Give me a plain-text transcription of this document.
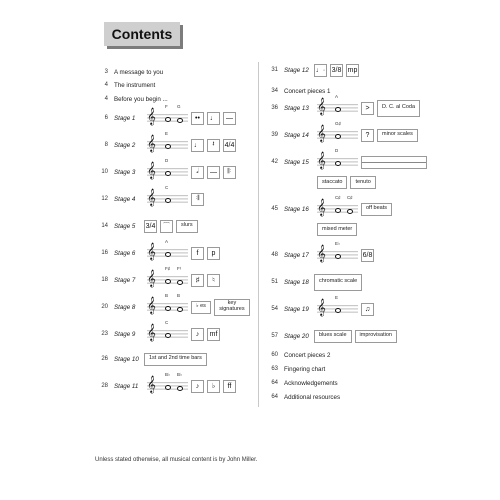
Contents
3 A message to you
4 The instrument
4 Before you begin ...
6 Stage 1 𝄞
F G
••	♩	—
8 Stage 2 𝄞
E
♩	𝄽	4/4
10 Stage 3 𝄞
D
𝅗𝅥	—	𝄆
12 Stage 4 𝄞
C
𝄇
14 Stage 5	3/4	⌒	slurs
16 Stage 6 𝄞
A
f	p
18 Stage 7 𝄞
F♯ F♮
♯	♮
20 Stage 8 𝄞
B B
♭ es	key signatures
23 Stage 9 𝄞
C
♪	mf
26 Stage 10	1st and 2nd time bars
28 Stage 11 𝄞
B♭ B♭
♪	♭	ff
31 Stage 12	♩· 3/8 mp
34 Concert pieces 1
36 Stage 13 𝄞
A
>	D. C. al Coda
39 Stage 14 𝄞
G♯
?	minor scales
42 Stage 15 𝄞
D
staccato	tenuto
45 Stage 16 𝄞
C♯ C♯
off beats
mixed meter
48 Stage 17 𝄞
E♭
6/8
51 Stage 18	chromatic scale
54 Stage 19 𝄞
E
♫
57 Stage 20	blues scale	improvisation
60 Concert pieces 2
63 Fingering chart
64 Acknowledgements
64 Additional resources
Unless stated otherwise, all musical content is by John Miller.
